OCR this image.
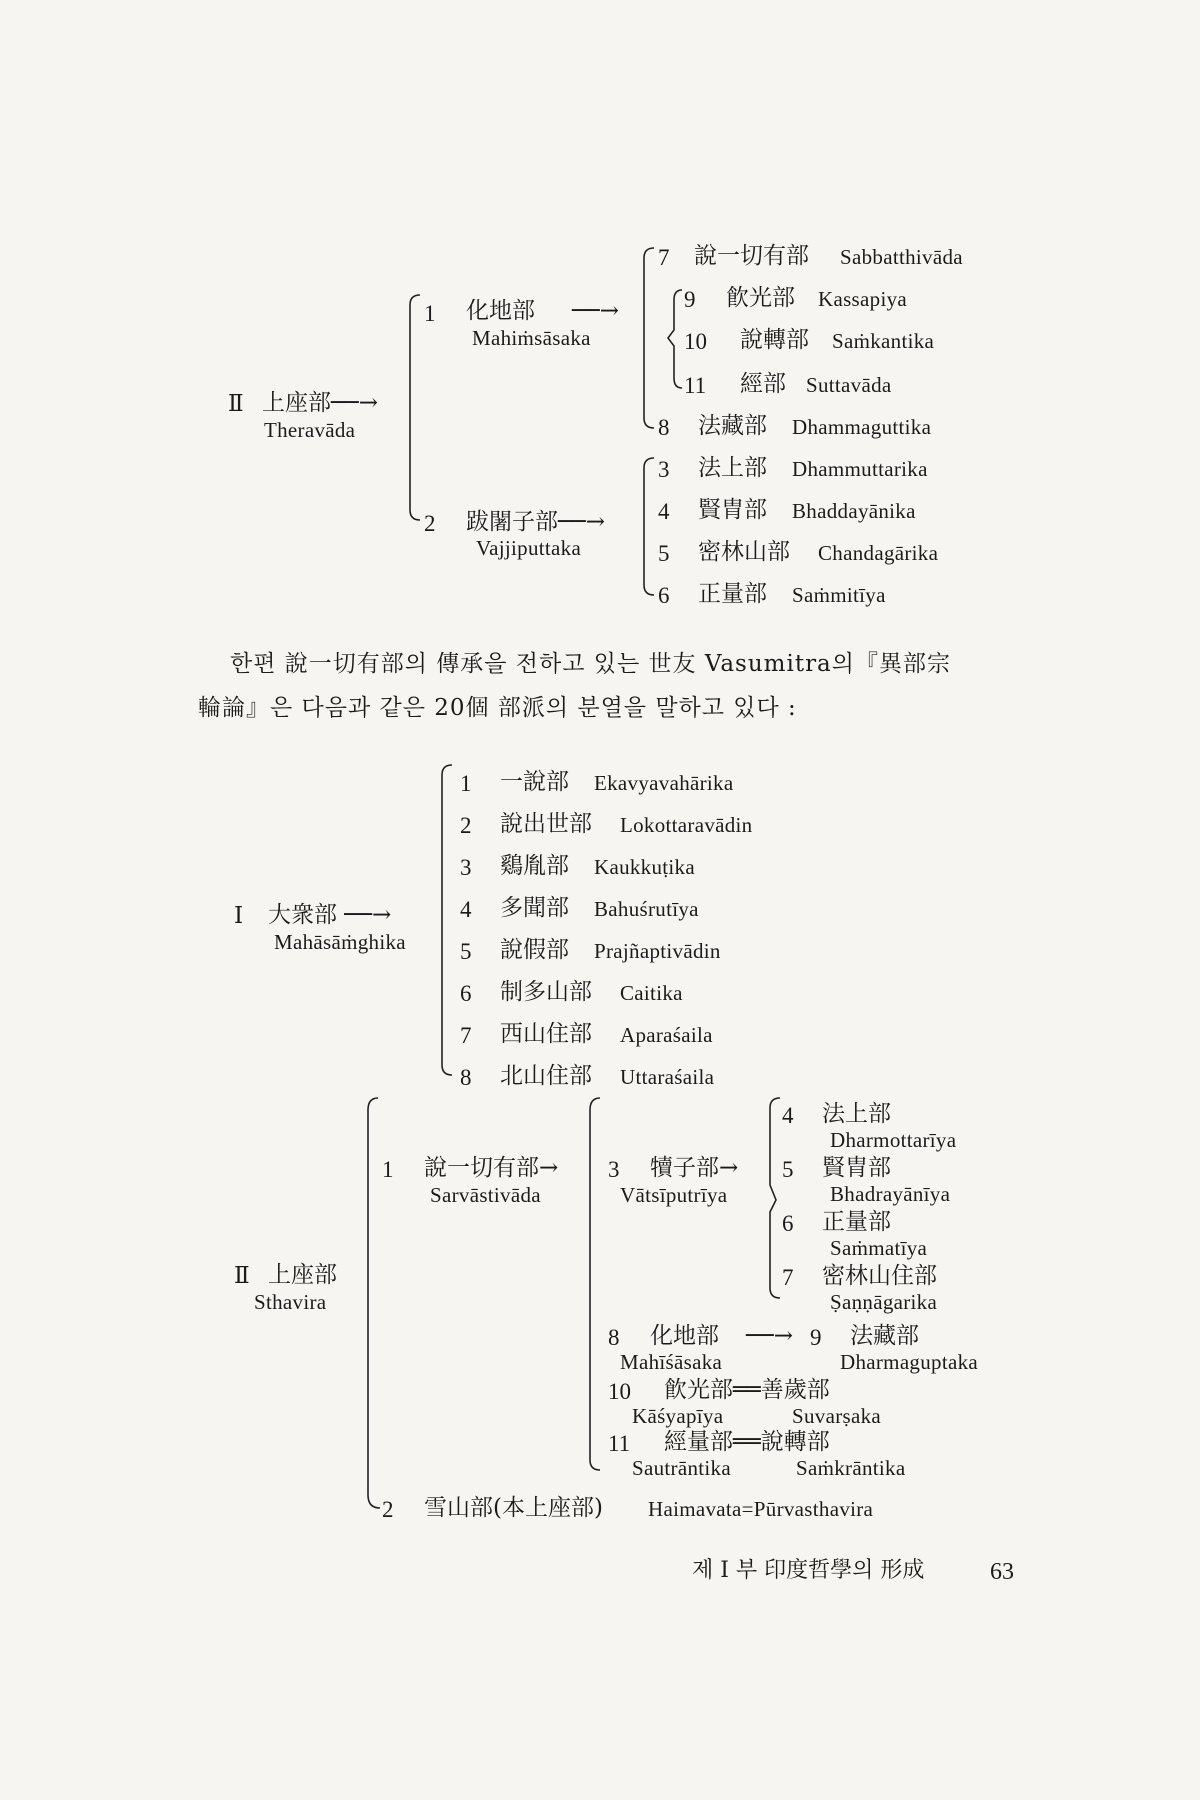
Ⅱ 上座部──→
Theravāda
1 化地部 ──→
Mahiṁsāsaka
2 跋闍子部──→
Vajjiputtaka
7 說一切有部 Sabbatthivāda
9 飮光部 Kassapiya
10 說轉部 Saṁkantika
11 經部 Suttavāda
8 法藏部 Dhammaguttika
3 法上部 Dhammuttarika
4 賢胄部 Bhaddayānika
5 密林山部 Chandagārika
6 正量部 Saṁmitīya
한편 說一切有部의 傳承을 전하고 있는 世友 Vasumitra의『異部宗
輪論』은 다음과 같은 20個 部派의 분열을 말하고 있다 :
Ⅰ 大衆部 ──→
Mahāsāṁghika
1 一說部 Ekavyavahārika
2 說出世部 Lokottaravādin
3 鷄胤部 Kaukkuṭika
4 多聞部 Bahuśrutīya
5 說假部 Prajñaptivādin
6 制多山部 Caitika
7 西山住部 Aparaśaila
8 北山住部 Uttaraśaila
Ⅱ 上座部
Sthavira
1 說一切有部→
Sarvāstivāda
3 犢子部→
Vātsīputrīya
4 法上部
Dharmottarīya
5 賢胄部
Bhadrayānīya
6 正量部
Saṁmatīya
7 密林山住部
Ṣaṇṇāgarika
8 化地部 ──→ 9 法藏部
Mahīśāsaka	Dharmaguptaka
10 飮光部══善歲部
Kāśyapīya	Suvarṣaka
11 經量部══說轉部
Sautrāntika	Saṁkrāntika
2 雪山部(本上座部) Haimavata=Pūrvasthavira
제 I 부 印度哲學의 形成	63
